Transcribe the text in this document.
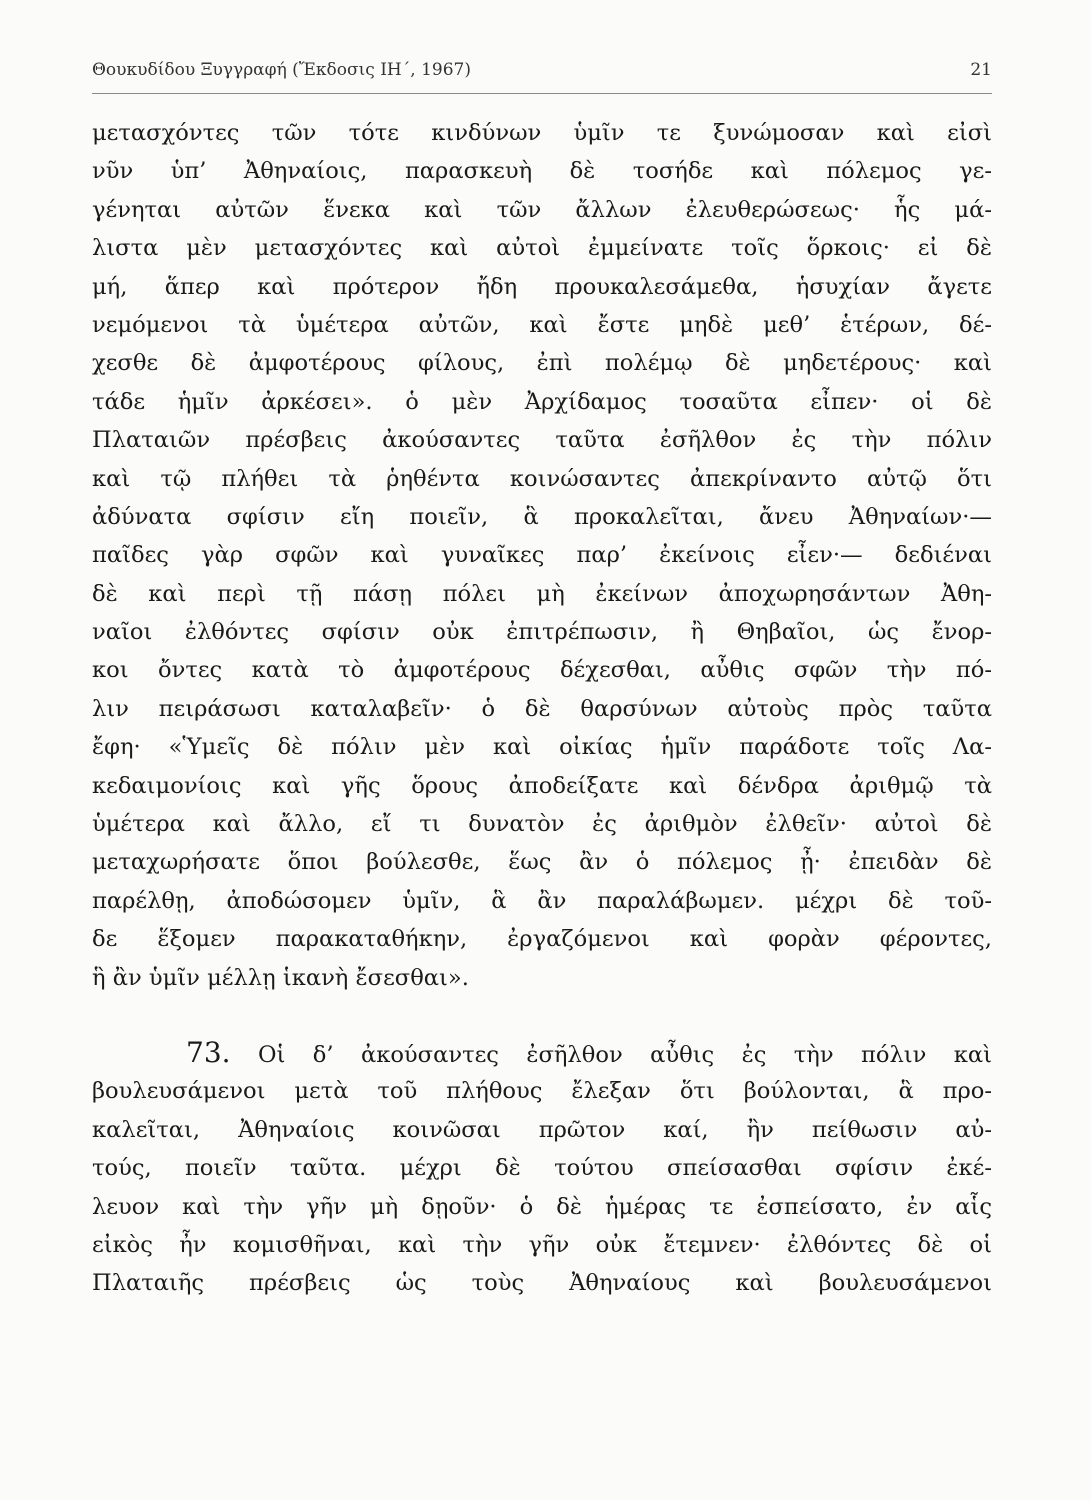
Θουκυδίδου Ξυγγραφή (Ἔκδοσις ΙΗ΄, 1967)	21
μετασχόντες τῶν τότε κινδύνων ὑμῖν τε ξυνώμοσαν καὶ εἰσὶ
νῦν ὑπ’ Ἀθηναίοις, παρασκευὴ δὲ τοσήδε καὶ πόλεμος γε-
γένηται αὐτῶν ἕνεκα καὶ τῶν ἄλλων ἐλευθερώσεως· ἧς μά-
λιστα μὲν μετασχόντες καὶ αὐτοὶ ἐμμείνατε τοῖς ὅρκοις· εἰ δὲ
μή, ἅπερ καὶ πρότερον ἤδη προυκαλεσάμεθα, ἡσυχίαν ἄγετε
νεμόμενοι τὰ ὑμέτερα αὐτῶν, καὶ ἔστε μηδὲ μεθ’ ἑτέρων, δέ-
χεσθε δὲ ἀμφοτέρους φίλους, ἐπὶ πολέμῳ δὲ μηδετέρους· καὶ
τάδε ἡμῖν ἀρκέσει». ὁ μὲν Ἀρχίδαμος τοσαῦτα εἶπεν· οἱ δὲ
Πλαταιῶν πρέσβεις ἀκούσαντες ταῦτα ἐσῆλθον ἐς τὴν πόλιν
καὶ τῷ πλήθει τὰ ῥηθέντα κοινώσαντες ἀπεκρίναντο αὐτῷ ὅτι
ἀδύνατα σφίσιν εἴη ποιεῖν, ἃ προκαλεῖται, ἄνευ Ἀθηναίων·—
παῖδες γὰρ σφῶν καὶ γυναῖκες παρ’ ἐκείνοις εἶεν·— δεδιέναι
δὲ καὶ περὶ τῇ πάσῃ πόλει μὴ ἐκείνων ἀποχωρησάντων Ἀθη-
ναῖοι ἐλθόντες σφίσιν οὐκ ἐπιτρέπωσιν, ἢ Θηβαῖοι, ὡς ἔνορ-
κοι ὄντες κατὰ τὸ ἀμφοτέρους δέχεσθαι, αὖθις σφῶν τὴν πό-
λιν πειράσωσι καταλαβεῖν· ὁ δὲ θαρσύνων αὐτοὺς πρὸς ταῦτα
ἔφη· «Ὑμεῖς δὲ πόλιν μὲν καὶ οἰκίας ἡμῖν παράδοτε τοῖς Λα-
κεδαιμονίοις καὶ γῆς ὅρους ἀποδείξατε καὶ δένδρα ἀριθμῷ τὰ
ὑμέτερα καὶ ἄλλο, εἴ τι δυνατὸν ἐς ἀριθμὸν ἐλθεῖν· αὐτοὶ δὲ
μεταχωρήσατε ὅποι βούλεσθε, ἕως ἂν ὁ πόλεμος ᾖ· ἐπειδὰν δὲ
παρέλθῃ, ἀποδώσομεν ὑμῖν, ἃ ἂν παραλάβωμεν. μέχρι δὲ τοῦ-
δε ἕξομεν παρακαταθήκην, ἐργαζόμενοι καὶ φορὰν φέροντες,
ἣ ἂν ὑμῖν μέλλῃ ἱκανὴ ἔσεσθαι».
73. Οἱ δ’ ἀκούσαντες ἐσῆλθον αὖθις ἐς τὴν πόλιν καὶ
βουλευσάμενοι μετὰ τοῦ πλήθους ἔλεξαν ὅτι βούλονται, ἃ προ-
καλεῖται, Ἀθηναίοις κοινῶσαι πρῶτον καί, ἢν πείθωσιν αὐ-
τούς, ποιεῖν ταῦτα. μέχρι δὲ τούτου σπείσασθαι σφίσιν ἐκέ-
λευον καὶ τὴν γῆν μὴ δῃοῦν· ὁ δὲ ἡμέρας τε ἐσπείσατο, ἐν αἷς
εἰκὸς ἦν κομισθῆναι, καὶ τὴν γῆν οὐκ ἔτεμνεν· ἐλθόντες δὲ οἱ
Πλαταιῆς πρέσβεις ὡς τοὺς Ἀθηναίους καὶ βουλευσάμενοι
